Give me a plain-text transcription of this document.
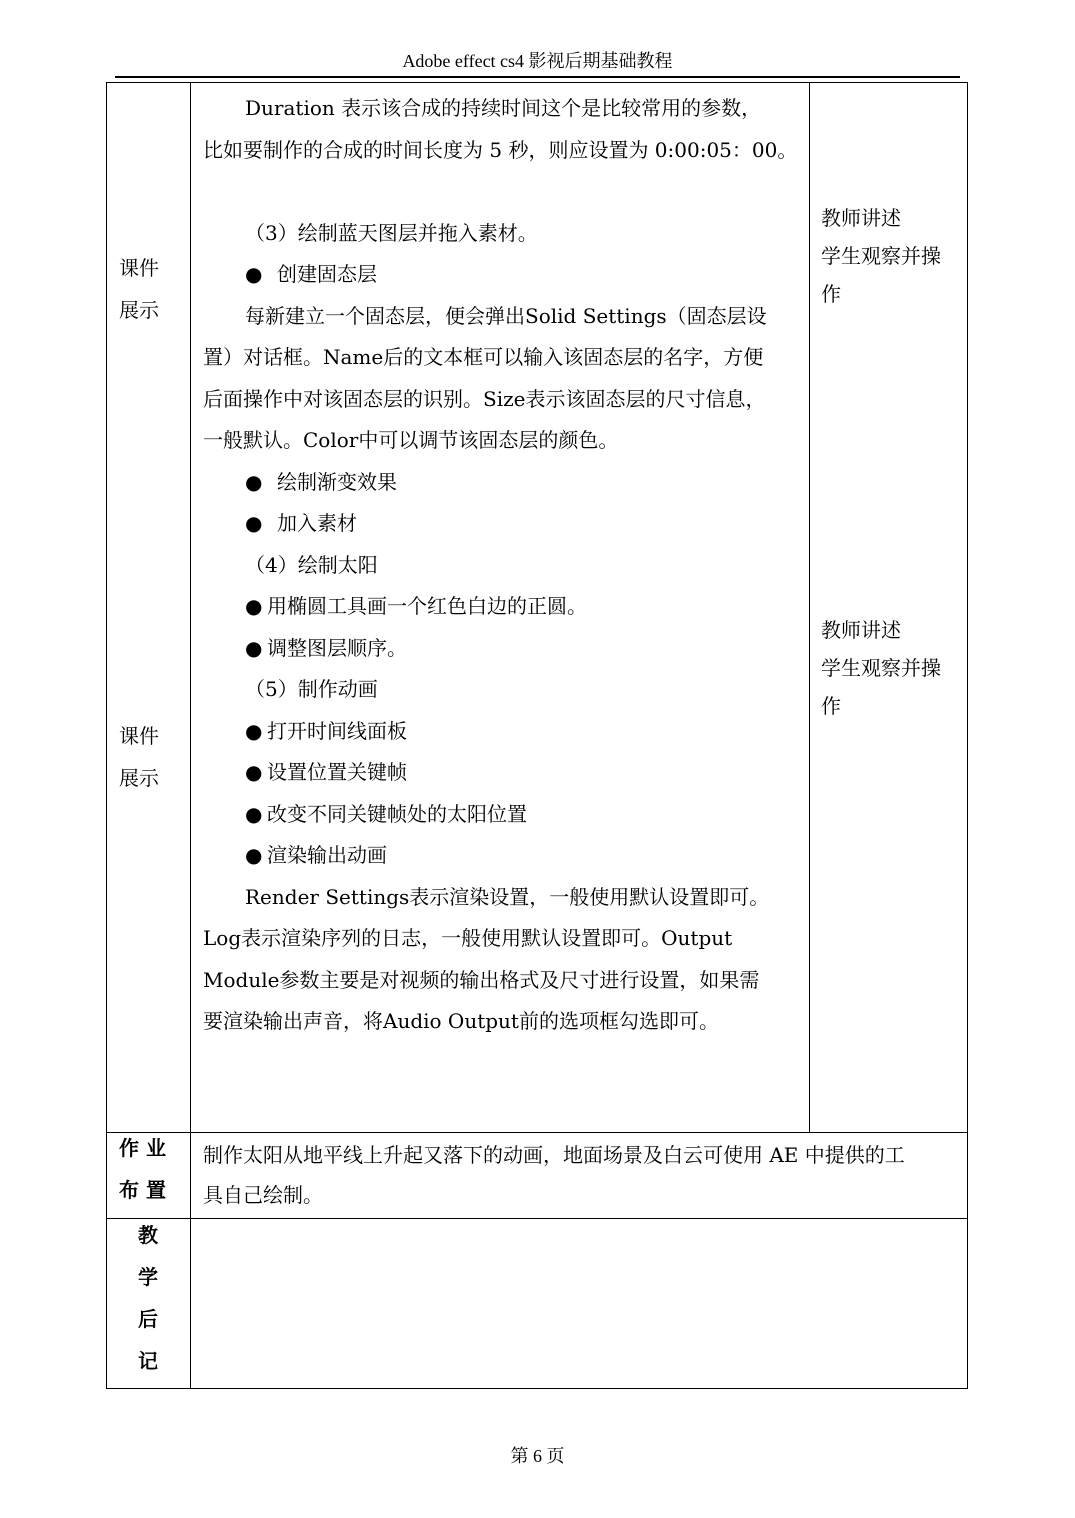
Adobe effect cs4 影视后期基础教程
课件
展示
课件
展示
作 业
布 置
教
学
后
记

Duration 表示该合成的持续时间这个是比较常用的参数，

比如要制作的合成的时间长度为 5 秒，则应设置为 0:00:05：00。

（3）绘制蓝天图层并拖入素材。

● 创建固态层

每新建立一个固态层，便会弹出Solid Settings（固态层设

置）对话框。Name后的文本框可以输入该固态层的名字，方便

后面操作中对该固态层的识别。Size表示该固态层的尺寸信息，

一般默认。Color中可以调节该固态层的颜色。

● 绘制渐变效果

● 加入素材

（4）绘制太阳

● 用椭圆工具画一个红色白边的正圆。

● 调整图层顺序。

（5）制作动画

● 打开时间线面板

● 设置位置关键帧

● 改变不同关键帧处的太阳位置

● 渲染输出动画

Render Settings表示渲染设置，一般使用默认设置即可。

Log表示渲染序列的日志，一般使用默认设置即可。Output

Module参数主要是对视频的输出格式及尺寸进行设置，如果需

要渲染输出声音，将Audio Output前的选项框勾选即可。

教师讲述
学生观察并操
作
教师讲述
学生观察并操
作

制作太阳从地平线上升起又落下的动画，地面场景及白云可使用 AE 中提供的工

具自己绘制。

第 6 页
